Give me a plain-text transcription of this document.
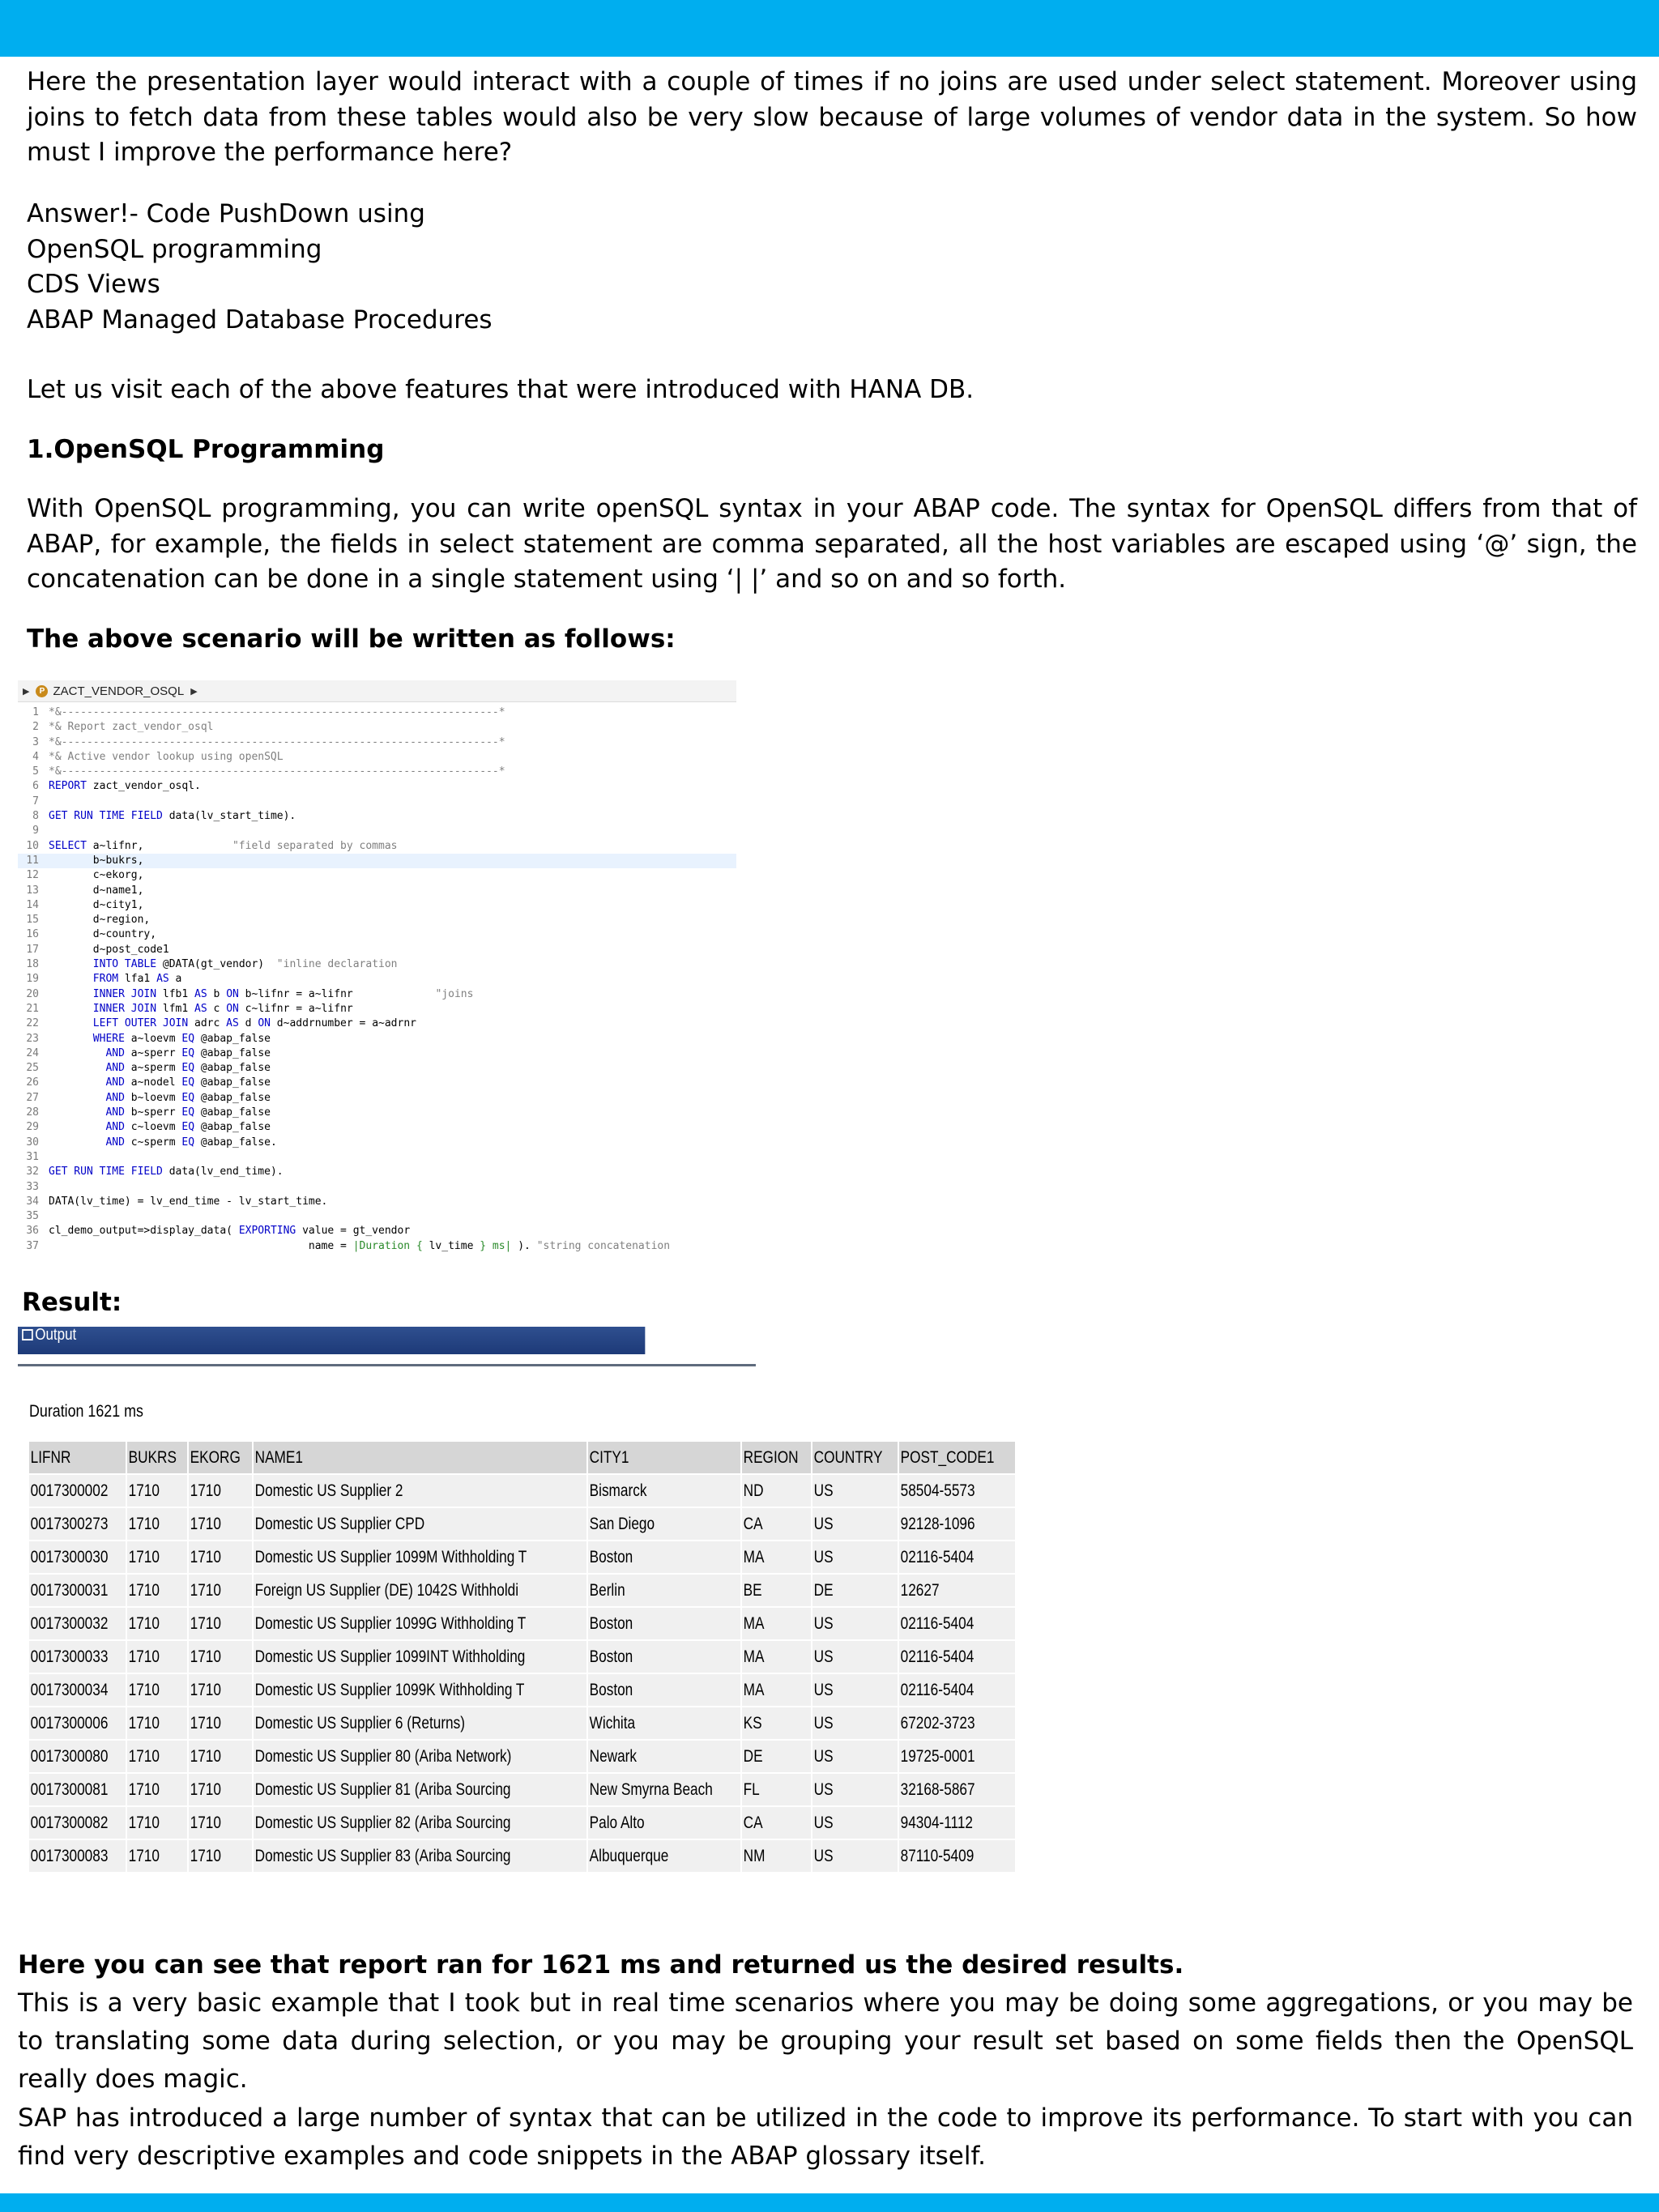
Here the presentation layer would interact with a couple of times if no joins are used under select statement. Moreover using joins to fetch data from these tables would also be very slow because of large volumes of vendor data in the system. So how must I improve the performance here?

Answer!- Code PushDown using
OpenSQL programming
CDS Views
ABAP Managed Database Procedures

Let us visit each of the above features that were introduced with HANA DB.

1.OpenSQL Programming

With OpenSQL programming, you can write openSQL syntax in your ABAP code. The syntax for OpenSQL differs from that of ABAP, for example, the fields in select statement are comma separated, all the host variables are escaped using ‘@’ sign, the concatenation can be done in a single statement using ‘| |’ and so on and so forth.

The above scenario will be written as follows:

▶	P ZACT_VENDOR_OSQL ▶
1 *&---------------------------------------------------------------------*
2 *& Report zact_vendor_osql
3 *&---------------------------------------------------------------------*
4 *& Active vendor lookup using openSQL
5 *&---------------------------------------------------------------------*
6 REPORT zact_vendor_osql.
7
8 GET RUN TIME FIELD data(lv_start_time).
9
10 SELECT a~lifnr,              "field separated by commas
11 b~bukrs,
12 c~ekorg,
13 d~name1,
14 d~city1,
15 d~region,
16 d~country,
17 d~post_code1
18	INTO TABLE @DATA(gt_vendor)  "inline declaration
19	FROM lfa1 AS a
20	INNER JOIN lfb1 AS b ON b~lifnr = a~lifnr             "joins
21	INNER JOIN lfm1 AS c ON c~lifnr = a~lifnr
22	LEFT OUTER JOIN adrc AS d ON d~addrnumber = a~adrnr
23	WHERE a~loevm EQ @abap_false
24	AND a~sperr EQ @abap_false
25	AND a~sperm EQ @abap_false
26	AND a~nodel EQ @abap_false
27	AND b~loevm EQ @abap_false
28	AND b~sperr EQ @abap_false
29	AND c~loevm EQ @abap_false
30	AND c~sperm EQ @abap_false.
31
32 GET RUN TIME FIELD data(lv_end_time).
33
34 DATA(lv_time) = lv_end_time - lv_start_time.
35
36 cl_demo_output=>display_data( EXPORTING value = gt_vendor
37 name = |Duration { lv_time } ms| ). "string concatenation

Result:

Output
Duration 1621 ms
LIFNR	BUKRS	EKORG	NAME1	CITY1	REGION	COUNTRY	POST_CODE1

0017300002	1710	1710	Domestic US Supplier 2	Bismarck	ND	US	58504-5573

0017300273	1710	1710	Domestic US Supplier CPD	San Diego	CA	US	92128-1096

0017300030	1710	1710	Domestic US Supplier 1099M Withholding T	Boston	MA	US	02116-5404

0017300031	1710	1710	Foreign US Supplier (DE) 1042S Withholdi	Berlin	BE	DE	12627

0017300032	1710	1710	Domestic US Supplier 1099G Withholding T	Boston	MA	US	02116-5404

0017300033	1710	1710	Domestic US Supplier 1099INT Withholding	Boston	MA	US	02116-5404

0017300034	1710	1710	Domestic US Supplier 1099K Withholding T	Boston	MA	US	02116-5404

0017300006	1710	1710	Domestic US Supplier 6 (Returns)	Wichita	KS	US	67202-3723

0017300080	1710	1710	Domestic US Supplier 80 (Ariba Network)	Newark	DE	US	19725-0001

0017300081	1710	1710	Domestic US Supplier 81 (Ariba Sourcing	New Smyrna Beach	FL	US	32168-5867

0017300082	1710	1710	Domestic US Supplier 82 (Ariba Sourcing	Palo Alto	CA	US	94304-1112

0017300083	1710	1710	Domestic US Supplier 83 (Ariba Sourcing	Albuquerque	NM	US	87110-5409

Here you can see that report ran for 1621 ms and returned us the desired results.

This is a very basic example that I took but in real time scenarios where you may be doing some aggregations, or you may be to translating some data during selection, or you may be grouping your result set based on some fields then the OpenSQL really does magic.

SAP has introduced a large number of syntax that can be utilized in the code to improve its performance. To start with you can find very descriptive examples and code snippets in the ABAP glossary itself.
